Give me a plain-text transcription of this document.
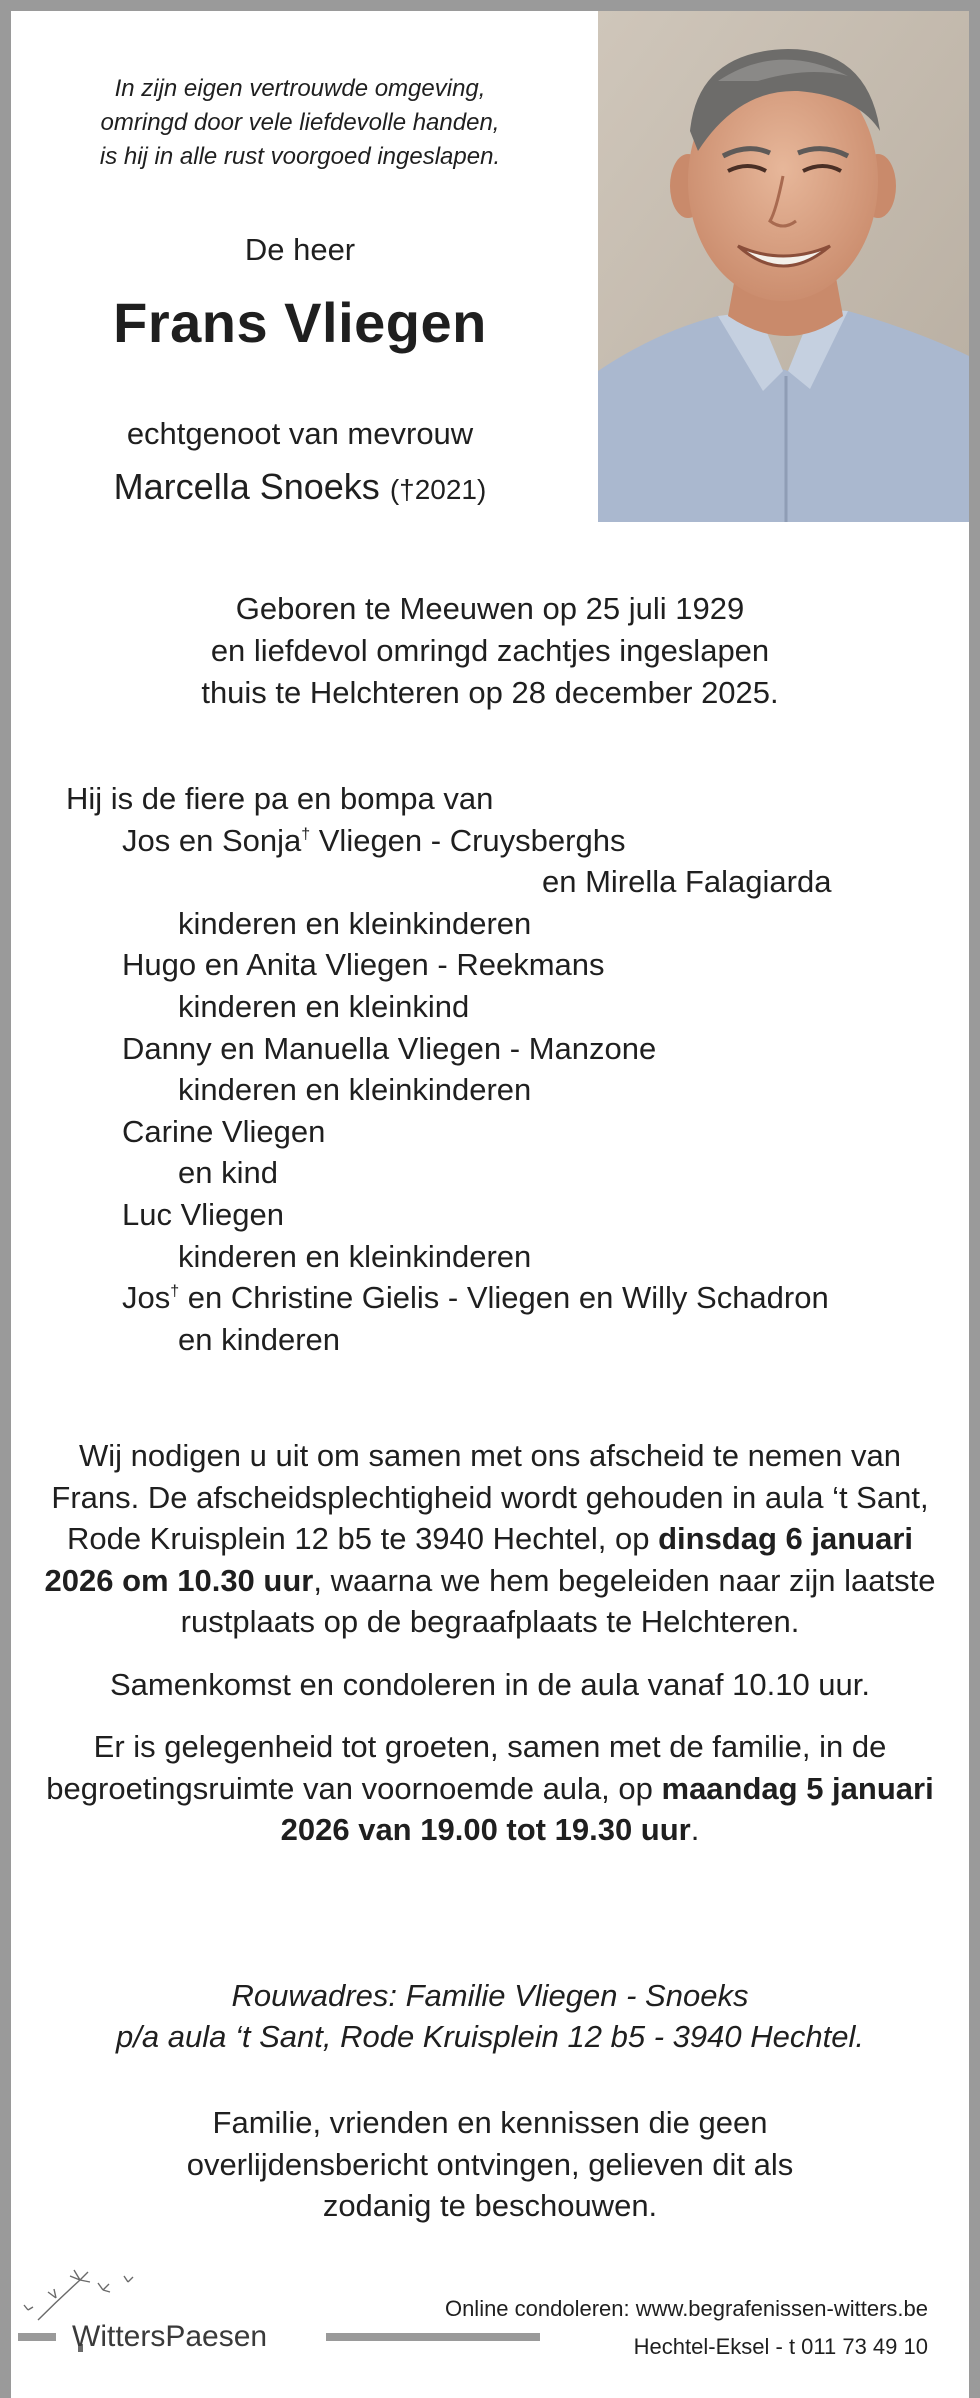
In zijn eigen vertrouwde omgeving,
omringd door vele liefdevolle handen,
is hij in alle rust voorgoed ingeslapen.
De heer
Frans Vliegen
echtgenoot van mevrouw
Marcella Snoeks (†2021)
Geboren te Meeuwen op 25 juli 1929
en liefdevol omringd zachtjes ingeslapen
thuis te Helchteren op 28 december 2025.
Hij is de fiere pa en bompa van
Jos en Sonja† Vliegen - Cruysberghs
en Mirella Falagiarda
kinderen en kleinkinderen
Hugo en Anita Vliegen - Reekmans
kinderen en kleinkind
Danny en Manuella Vliegen - Manzone
kinderen en kleinkinderen
Carine Vliegen
en kind
Luc Vliegen
kinderen en kleinkinderen
Jos† en Christine Gielis - Vliegen en Willy Schadron
en kinderen

Wij nodigen u uit om samen met ons afscheid te nemen van Frans. De afscheidsplechtigheid wordt gehouden in aula ‘t Sant, Rode Kruisplein 12 b5 te 3940 Hechtel, op dinsdag 6 januari 2026 om 10.30 uur, waarna we hem begeleiden naar zijn laatste rustplaats op de begraafplaats te Helchteren.

Samenkomst en condoleren in de aula vanaf 10.10 uur.

Er is gelegenheid tot groeten, samen met de familie, in de begroetingsruimte van voornoemde aula, op maandag 5 januari 2026 van 19.00 tot 19.30 uur.

Rouwadres: Familie Vliegen - Snoeks
p/a aula ‘t Sant, Rode Kruisplein 12 b5 - 3940 Hechtel.
Familie, vrienden en kennissen die geen
overlijdensbericht ontvingen, gelieven dit als
zodanig te beschouwen.
WittersPaesen
Online condoleren: www.begrafenissen-witters.be
Hechtel-Eksel - t 011 73 49 10
